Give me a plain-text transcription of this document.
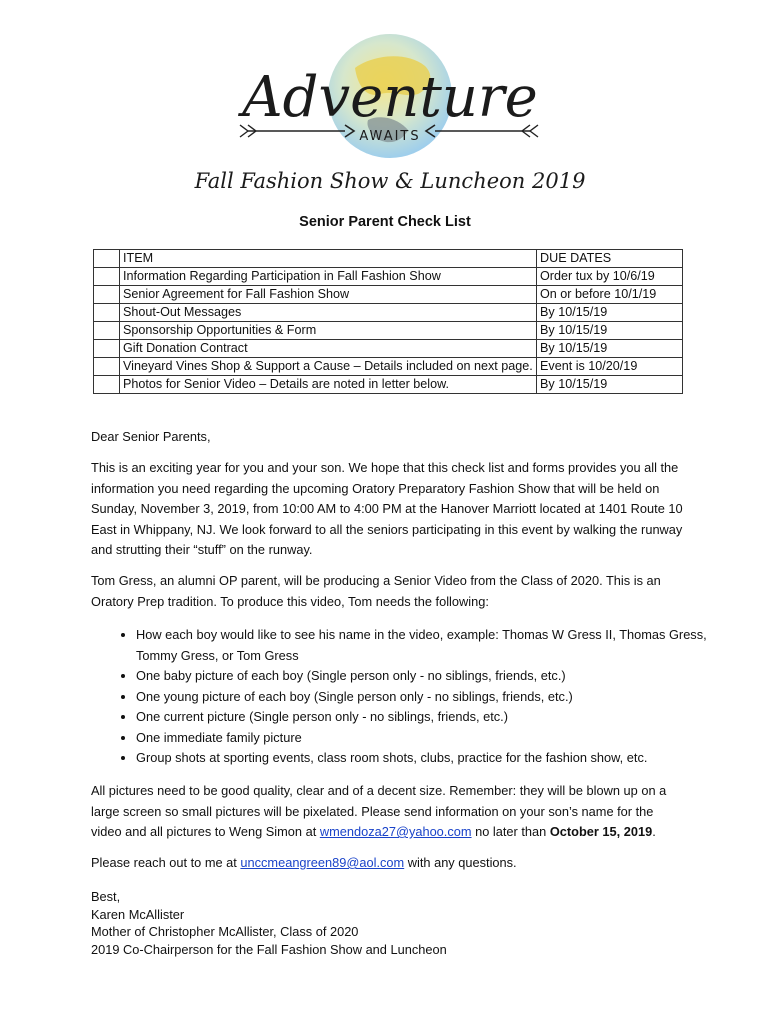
Adventure
AWAITS
Fall Fashion Show & Luncheon 2019
Senior Parent Check List
	ITEM	DUE DATES
	Information Regarding Participation in Fall Fashion Show	Order tux by 10/6/19
	Senior Agreement for Fall Fashion Show	On or before 10/1/19
	Shout-Out Messages	By 10/15/19
	Sponsorship Opportunities & Form	By 10/15/19
	Gift Donation Contract	By 10/15/19
	Vineyard Vines Shop & Support a Cause – Details included on next page.	Event is 10/20/19
	Photos for Senior Video – Details are noted in letter below.	By 10/15/19
Dear Senior Parents,
This is an exciting year for you and your son. We hope that this check list and forms provides you all the information you need regarding the upcoming Oratory Preparatory Fashion Show that will be held on Sunday, November 3, 2019, from 10:00 AM to 4:00 PM at the Hanover Marriott located at 1401 Route 10 East in Whippany, NJ. We look forward to all the seniors participating in this event by walking the runway and strutting their “stuff” on the runway.
Tom Gress, an alumni OP parent, will be producing a Senior Video from the Class of 2020. This is an Oratory Prep tradition. To produce this video, Tom needs the following:
• How each boy would like to see his name in the video, example: Thomas W Gress II, Thomas Gress, Tommy Gress, or Tom Gress
• One baby picture of each boy (Single person only - no siblings, friends, etc.)
• One young picture of each boy (Single person only - no siblings, friends, etc.)
• One current picture (Single person only - no siblings, friends, etc.)
• One immediate family picture
• Group shots at sporting events, class room shots, clubs, practice for the fashion show, etc.
All pictures need to be good quality, clear and of a decent size. Remember: they will be blown up on a large screen so small pictures will be pixelated. Please send information on your son’s name for the video and all pictures to Weng Simon at wmendoza27@yahoo.com no later than October 15, 2019.
Please reach out to me at unccmeangreen89@aol.com with any questions.
Best,
Karen McAllister
Mother of Christopher McAllister, Class of 2020
2019 Co-Chairperson for the Fall Fashion Show and Luncheon
